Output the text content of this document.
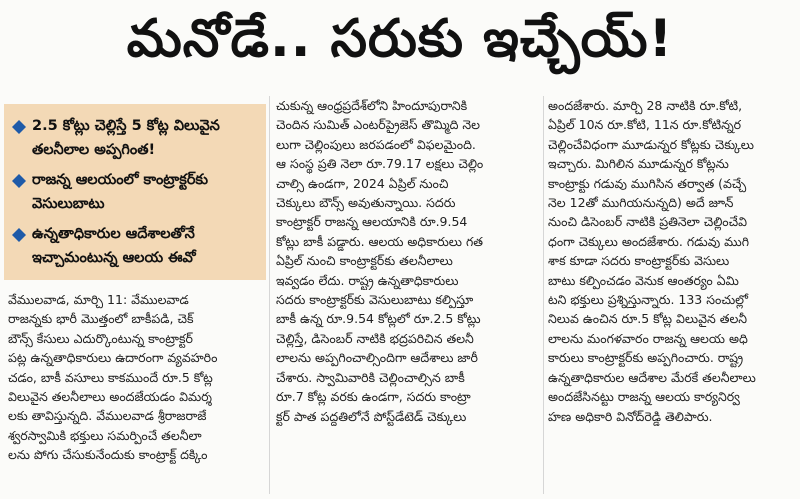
మనోడే.. సరుకు ఇచ్చేయ్!
2.5 కోట్లు చెల్లిస్తే 5 కోట్ల విలువైన తలనీలాల అప్పగింత!
రాజన్న ఆలయంలో కాంట్రాక్టర్‌కు వెసులుబాటు
ఉన్నతాధికారుల ఆదేశాలతోనే ఇచ్చామంటున్న ఆలయ ఈవో
వేములవాడ, మార్చి 11: వేములవాడ
రాజన్నకు భారీ మొత్తంలో బాకీపడి, చెక్
బౌన్స్ కేసులు ఎదుర్కొంటున్న కాంట్రాక్టర్
పట్ల ఉన్నతాధికారులు ఉదారంగా వ్యవహరిం
చడం, బాకీ వసూలు కాకముందే రూ.5 కోట్ల
విలువైన తలనీలాలు అందజేయడం విమర్శ
లకు తావిస్తున్నది. వేములవాడ శ్రీరాజరాజే
శ్వరస్వామికి భక్తులు సమర్పించే తలనీలా
లను పోగు చేసుకునేందుకు కాంట్రాక్ట్ దక్కిం
చుకున్న ఆంధ్రప్రదేశ్‌లోని హిందూపురానికి
చెందిన సుమిత్ ఎంటర్‌ప్రైజెస్ తొమ్మిది నెల
లుగా చెల్లింపులు జరపడంలో విఫలమైంది.
ఆ సంస్థ ప్రతి నెలా రూ.79.17 లక్షలు చెల్లిం
చాల్సి ఉండగా, 2024 ఏప్రిల్ నుంచి
చెక్కులు బౌన్స్ అవుతున్నాయి. సదరు
కాంట్రాక్టర్ రాజన్న ఆలయానికి రూ.9.54
కోట్లు బాకీ పడ్డారు. ఆలయ అధికారులు గత
ఏప్రిల్ నుంచి కాంట్రాక్టర్‌కు తలనీలాలు
ఇవ్వడం లేదు. రాష్ట్ర ఉన్నతాధికారులు
సదరు కాంట్రాక్టర్‌కు వెసులుబాటు కల్పిస్తూ
బాకీ ఉన్న రూ.9.54 కోట్లలో రూ.2.5 కోట్లు
చెల్లిస్తే, డిసెంబర్ నాటికి భద్రపరిచిన తలనీ
లాలను అప్పగించాల్సిందిగా ఆదేశాలు జారీ
చేశారు. స్వామివారికి చెల్లించాల్సిన బాకీ
రూ.7 కోట్ల వరకు ఉండగా, సదరు కాంట్రా
క్టర్ పాత పద్ధతిలోనే పోస్ట్‌డేటెడ్ చెక్కులు
అందజేశారు. మార్చి 28 నాటికి రూ.కోటి,
ఏప్రిల్ 10న రూ.కోటి, 11న రూ.కోటిన్నర
చెల్లించేవిధంగా మూడున్నర కోట్లకు చెక్కులు
ఇచ్చారు. మిగిలిన మూడున్నర కోట్లను
కాంట్రాక్టు గడువు ముగిసిన తర్వాత (వచ్చే
నెల 12తో ముగియనున్నది) అదే జూన్
నుంచి డిసెంబర్ నాటికి ప్రతినెలా చెల్లించేవి
ధంగా చెక్కులు అందజేశారు. గడువు ముగి
శాక కూడా సదరు కాంట్రాక్టర్‌కు వెసులు
బాటు కల్పించడం వెనుక ఆంతర్యం ఏమి
టని భక్తులు ప్రశ్నిస్తున్నారు. 133 సంచుల్లో
నిలువ ఉంచిన రూ.5 కోట్ల విలువైన తలనీ
లాలను మంగళవారం రాజన్న ఆలయ అధి
కారులు కాంట్రాక్టర్‌కు అప్పగించారు. రాష్ట్ర
ఉన్నతాధికారుల ఆదేశాల మేరకే తలనీలాలు
అందజేసినట్టు రాజన్న ఆలయ కార్యనిర్వ
హణ అధికారి వినోద్‌రెడ్డి తెలిపారు.
